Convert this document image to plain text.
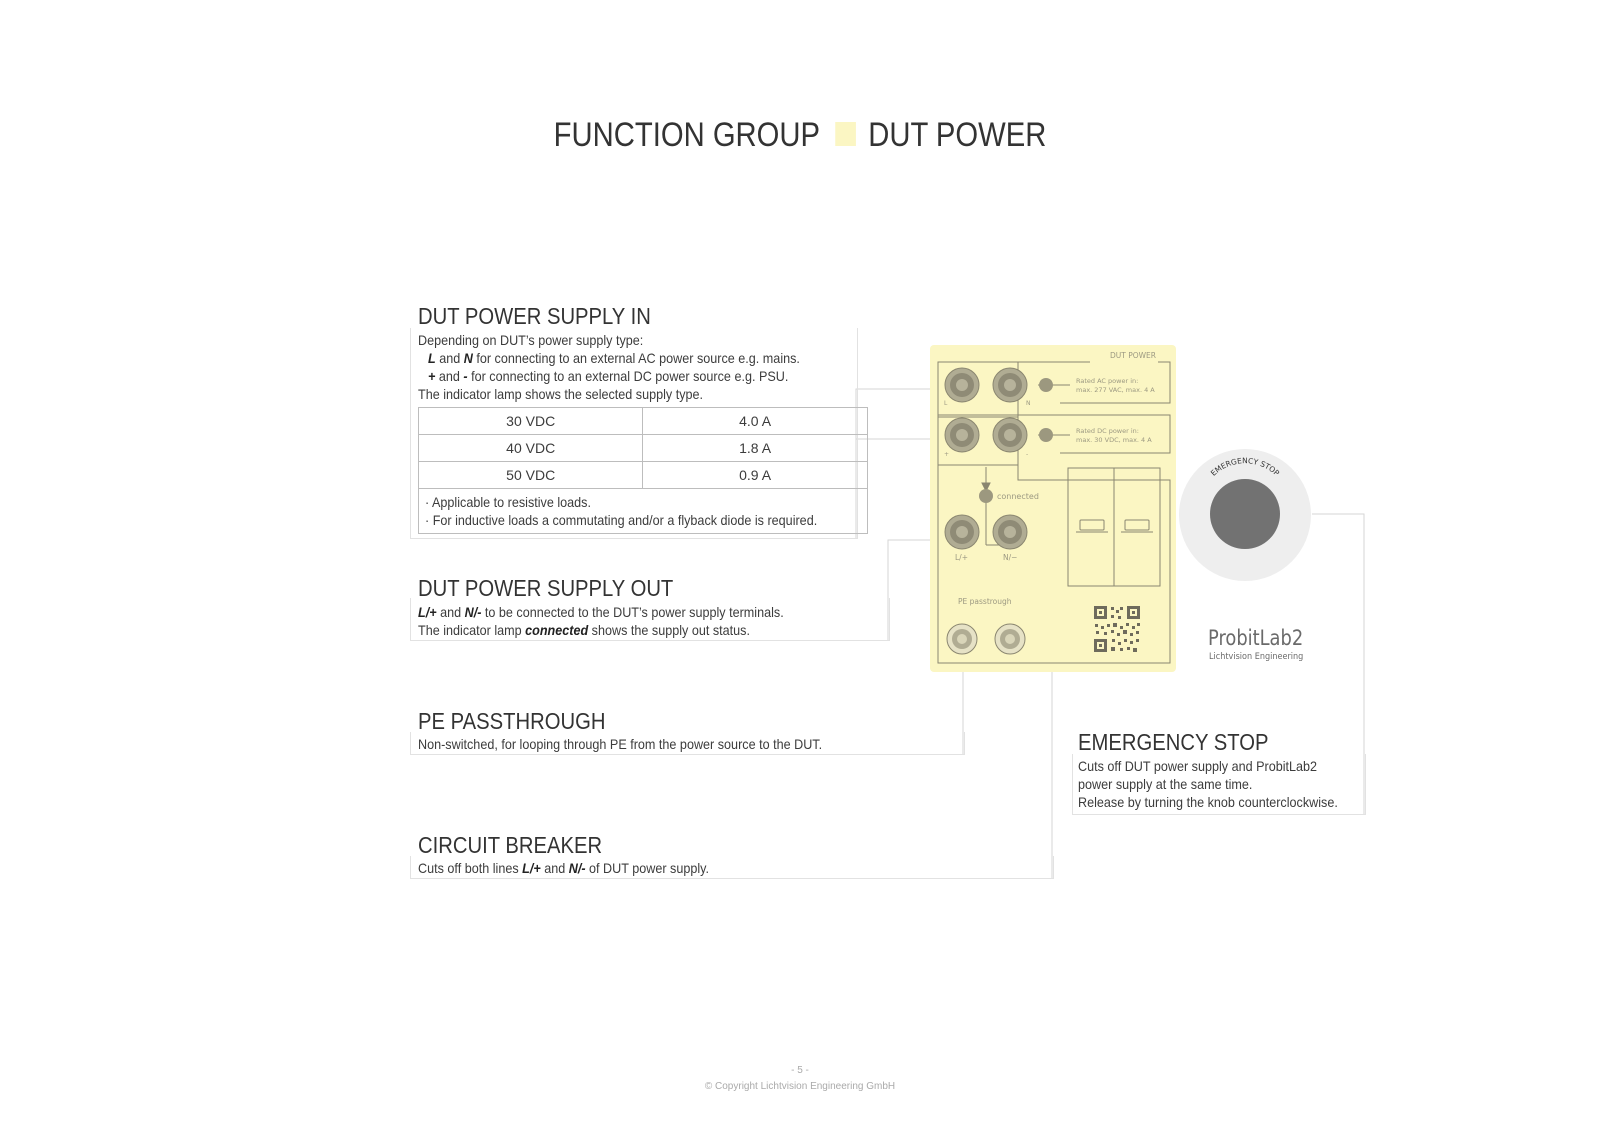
FUNCTION GROUP DUT POWER
DUT POWER SUPPLY IN
Depending on DUT’s power supply type:
L and N for connecting to an external AC power source e.g. mains.
+ and - for connecting to an external DC power source e.g. PSU.
The indicator lamp shows the selected supply type.
30 VDC	4.0 A
40 VDC	1.8 A
50 VDC	0.9 A

· Applicable to resistive loads.
· For inductive loads a commutating and/or a flyback diode is required.	
DUT POWER SUPPLY OUT
L/+ and N/- to be connected to the DUT’s power supply terminals.
The indicator lamp connected shows the supply out status.
PE PASSTHROUGH
Non-switched, for looping through PE from the power source to the DUT.
CIRCUIT BREAKER
Cuts off both lines L/+ and N/- of DUT power supply.
EMERGENCY STOP
Cuts off DUT power supply and ProbitLab2
power supply at the same time.
Release by turning the knob counterclockwise.
DUT POWER
L	N
Rated AC power in:
max. 277 VAC, max. 4 A
+	-
Rated DC power in:
max. 30 VDC, max. 4 A
connected
L/+	N/−
PE passtrough
EMERGENCY STOP
ProbitLab2
Lichtvision Engineering
- 5 -
© Copyright Lichtvision Engineering GmbH
